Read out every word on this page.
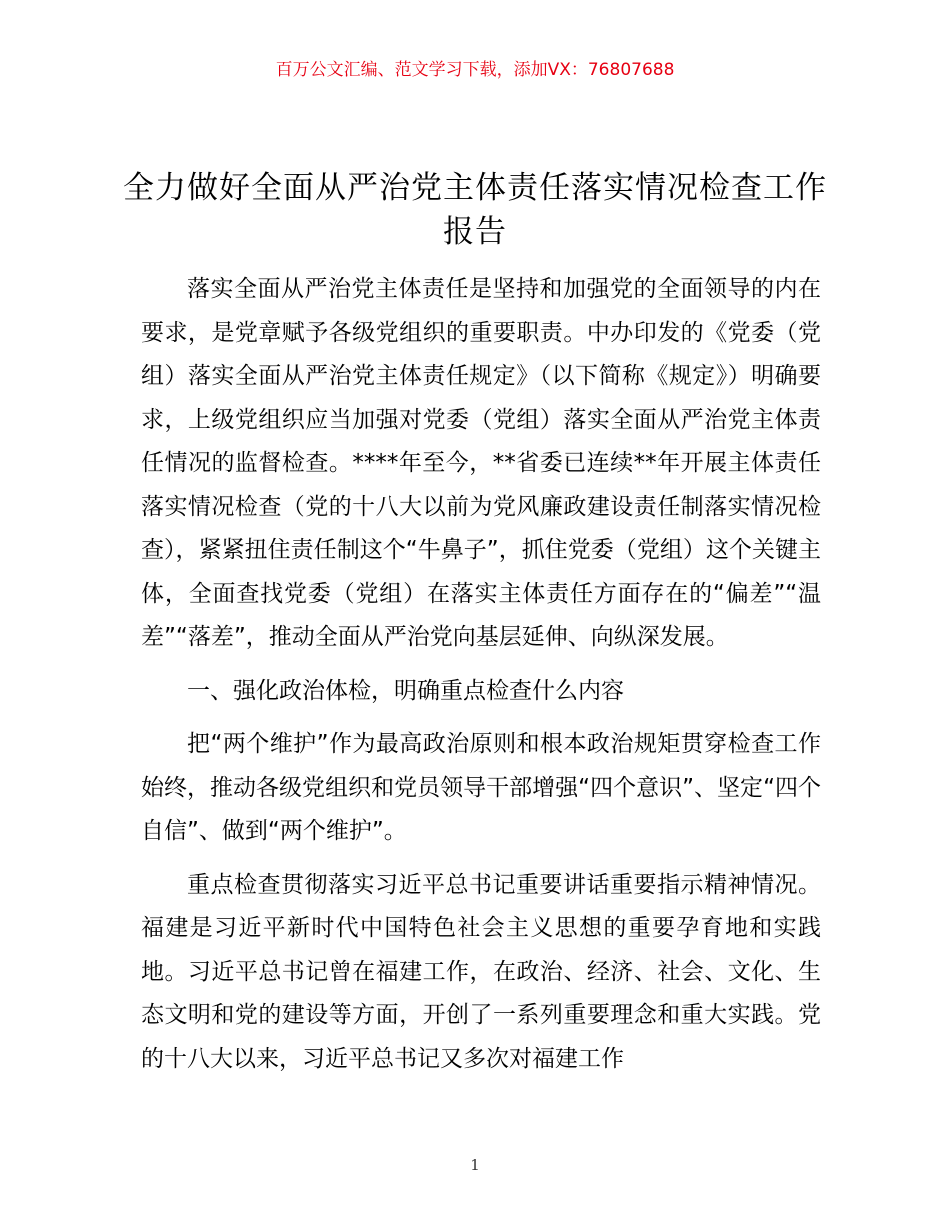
百万公文汇编、范文学习下载，添加VX：76807688
全力做好全面从严治党主体责任落实情况检查工作报告

落实全面从严治党主体责任是坚持和加强党的全面领导的内在要求，是党章赋予各级党组织的重要职责。中办印发的《党委（党组）落实全面从严治党主体责任规定》（以下简称《规定》）明确要求，上级党组织应当加强对党委（党组）落实全面从严治党主体责任情况的监督检查。****年至今，**省委已连续**年开展主体责任落实情况检查（党的十八大以前为党风廉政建设责任制落实情况检查），紧紧扭住责任制这个“牛鼻子”，抓住党委（党组）这个关键主体，全面查找党委（党组）在落实主体责任方面存在的“偏差”“温差”“落差”，推动全面从严治党向基层延伸、向纵深发展。

一、强化政治体检，明确重点检查什么内容

把“两个维护”作为最高政治原则和根本政治规矩贯穿检查工作始终，推动各级党组织和党员领导干部增强“四个意识”、坚定“四个自信”、做到“两个维护”。

重点检查贯彻落实习近平总书记重要讲话重要指示精神情况。福建是习近平新时代中国特色社会主义思想的重要孕育地和实践地。习近平总书记曾在福建工作，在政治、经济、社会、文化、生态文明和党的建设等方面，开创了一系列重要理念和重大实践。党的十八大以来，习近平总书记又多次对福建工作

1
